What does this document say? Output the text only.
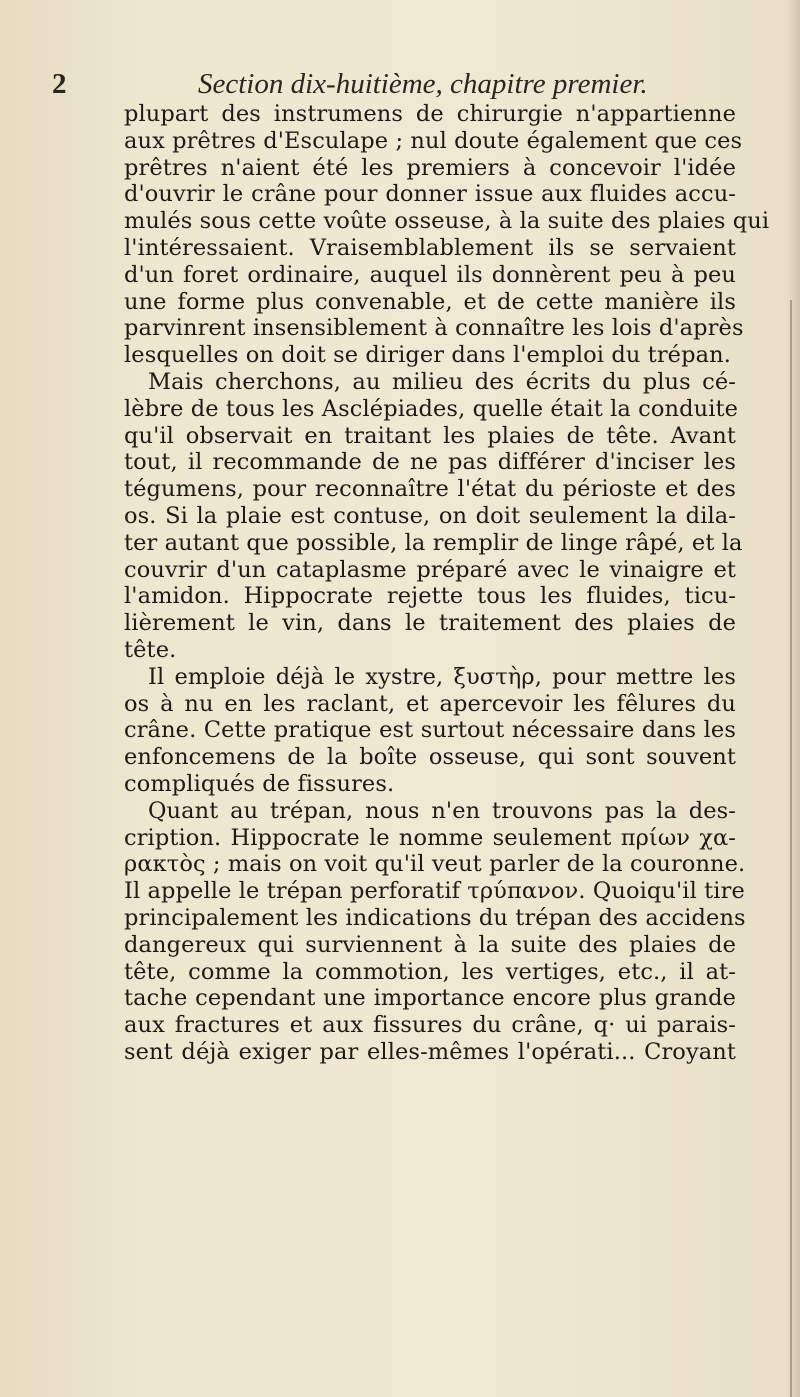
2	Section dix-huitième, chapitre premier.
plupart des instrumens de chirurgie n'appartienne
aux prêtres d'Esculape ; nul doute également que ces
prêtres n'aient été les premiers à concevoir l'idée
d'ouvrir le crâne pour donner issue aux fluides accu-
mulés sous cette voûte osseuse, à la suite des plaies qui
l'intéressaient. Vraisemblablement ils se servaient
d'un foret ordinaire, auquel ils donnèrent peu à peu
une forme plus convenable, et de cette manière ils
parvinrent insensiblement à connaître les lois d'après
lesquelles on doit se diriger dans l'emploi du trépan.
Mais cherchons, au milieu des écrits du plus cé-
lèbre de tous les Asclépiades, quelle était la conduite
qu'il observait en traitant les plaies de tête. Avant
tout, il recommande de ne pas différer d'inciser les
tégumens, pour reconnaître l'état du périoste et des
os. Si la plaie est contuse, on doit seulement la dila-
ter autant que possible, la remplir de linge râpé, et la
couvrir d'un cataplasme préparé avec le vinaigre et
l'amidon. Hippocrate rejette tous les fluides, ticu-
lièrement le vin, dans le traitement des plaies de
tête.
Il emploie déjà le xystre, ξυστὴρ, pour mettre les
os à nu en les raclant, et apercevoir les fêlures du
crâne. Cette pratique est surtout nécessaire dans les
enfoncemens de la boîte osseuse, qui sont souvent
compliqués de fissures.
Quant au trépan, nous n'en trouvons pas la des-
cription. Hippocrate le nomme seulement πρίων χα-
ρακτὸς ; mais on voit qu'il veut parler de la couronne.
Il appelle le trépan perforatif τρύπανον. Quoiqu'il tire
principalement les indications du trépan des accidens
dangereux qui surviennent à la suite des plaies de
tête, comme la commotion, les vertiges, etc., il at-
tache cependant une importance encore plus grande
aux fractures et aux fissures du crâne, q· ui parais-
sent déjà exiger par elles-mêmes l'opérati... Croyant
